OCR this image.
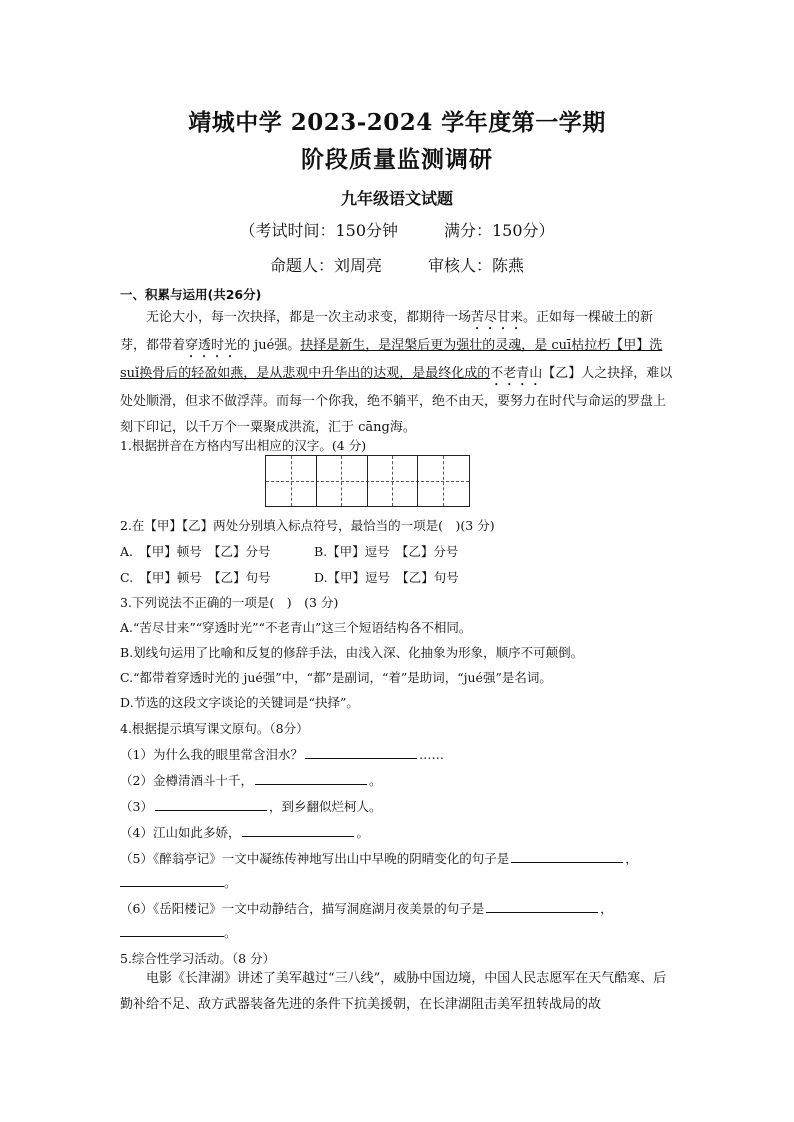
靖城中学 2023-2024 学年度第一学期
阶段质量监测调研
九年级语文试题
（考试时间：150分钟	满分：150分）
命题人：刘周亮	审核人：陈燕
一、积累与运用(共26分)
无论大小，每一次抉择，都是一次主动求变，都期待一场苦尽甘来。正如每一棵破土的新芽，都带着穿透时光的 jué强。抉择是新生，是涅槃后更为强壮的灵魂，是 cuī枯拉朽【甲】洗 suǐ换骨后的轻盈如燕，是从悲观中升华出的达观，是最终化成的不老青山【乙】人之抉择，难以处处顺滑，但求不做浮萍。而每一个你我，绝不躺平，绝不由天，要努力在时代与命运的罗盘上刻下印记，以千万个一粟聚成洪流，汇于 cāng海。
1.根据拼音在方格内写出相应的汉字。(4 分)
2.在【甲】【乙】两处分别填入标点符号，最恰当的一项是(　)(3 分)
A.　【甲】顿号　【乙】分号	B.【甲】逗号　【乙】分号
C.　【甲】顿号　【乙】句号	D.【甲】逗号　【乙】句号
3.下列说法不正确的一项是(　)　(3 分)
A.“苦尽甘来”“穿透时光”“不老青山”这三个短语结构各不相同。
B.划线句运用了比喻和反复的修辞手法，由浅入深、化抽象为形象，顺序不可颠倒。
C.“都带着穿透时光的 jué强”中，“都”是副词，“着”是助词，“jué强”是名词。
D.节选的这段文字谈论的关键词是“抉择”。
4.根据提示填写课文原句。（8分）
（1）为什么我的眼里常含泪水？	……
（2）金樽清酒斗十千，	。
（3）	，到乡翻似烂柯人。
（4）江山如此多娇，	。
（5）《醉翁亭记》一文中凝练传神地写出山中早晚的阴晴变化的句子是	，
。
（6）《岳阳楼记》一文中动静结合，描写洞庭湖月夜美景的句子是	，
。
5.综合性学习活动。（8 分）
电影《长津湖》讲述了美军越过“三八线”，威胁中国边境，中国人民志愿军在天气酷寒、后勤补给不足、敌方武器装备先进的条件下抗美援朝，在长津湖阻击美军扭转战局的故
